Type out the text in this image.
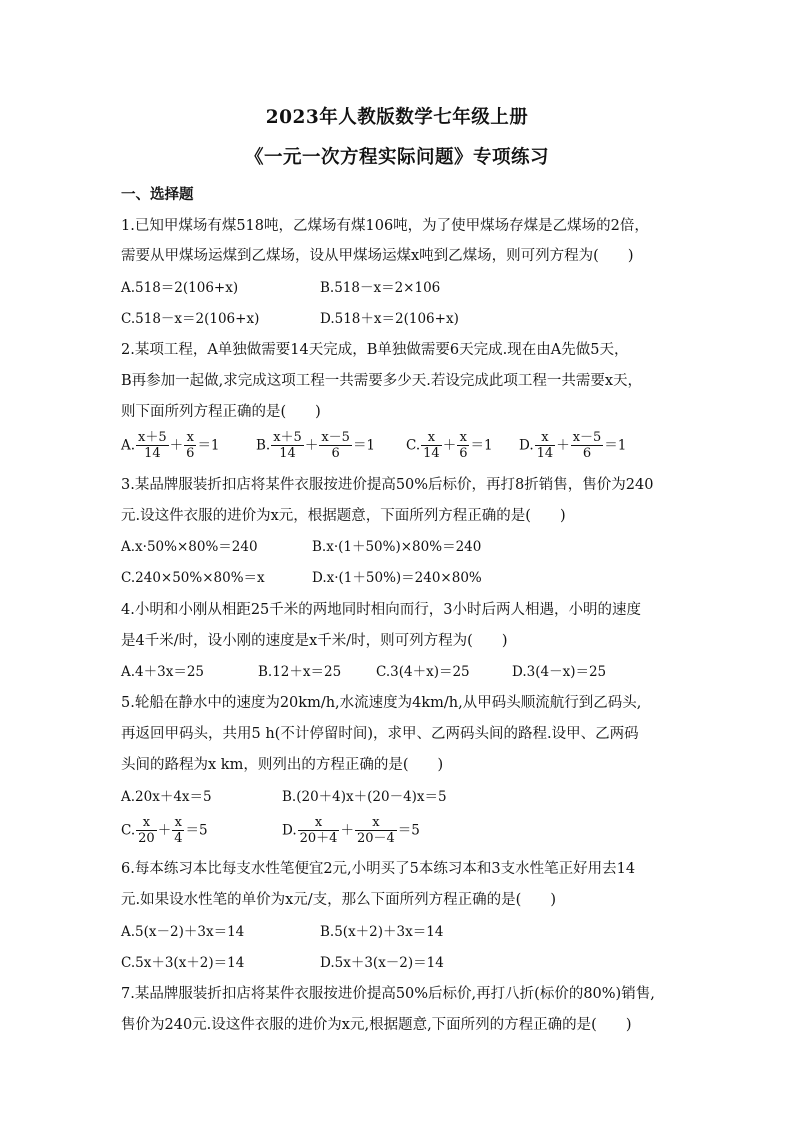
2023年人教版数学七年级上册
《一元一次方程实际问题》专项练习
一、选择题
1.已知甲煤场有煤518吨，乙煤场有煤106吨，为了使甲煤场存煤是乙煤场的2倍，
需要从甲煤场运煤到乙煤场，设从甲煤场运煤x吨到乙煤场，则可列方程为(　　)
A.518＝2(106+x)	B.518－x＝2×106
C.518－x＝2(106+x)	D.518＋x＝2(106+x)
2.某项工程，A单独做需要14天完成，B单独做需要6天完成.现在由A先做5天，
B再参加一起做,求完成这项工程一共需要多少天.若设完成此项工程一共需要x天，
则下面所列方程正确的是(　　)
A. $\frac{x+5}{14} + \frac{x}{6} =1$	B. $\frac{x+5}{14} + \frac{x-5}{6} =1$ C. $\frac{x}{14} + \frac{x}{6} =1$ D. $\frac{x}{14} + \frac{x-5}{6} =1$
3.某品牌服装折扣店将某件衣服按进价提高50%后标价，再打8折销售，售价为240
元.设这件衣服的进价为x元，根据题意，下面所列方程正确的是(　　)
A.x·50%×80%＝240	B.x·(1＋50%)×80%＝240
C.240×50%×80%＝x	D.x·(1＋50%)＝240×80%
4.小明和小刚从相距25千米的两地同时相向而行，3小时后两人相遇，小明的速度
是4千米/时，设小刚的速度是x千米/时，则可列方程为(　　)
A.4＋3x＝25	B.12＋x＝25	C.3(4＋x)＝25	D.3(4－x)＝25
5.轮船在静水中的速度为20km/h,水流速度为4km/h,从甲码头顺流航行到乙码头,
再返回甲码头，共用5 h(不计停留时间)，求甲、乙两码头间的路程.设甲、乙两码
头间的路程为x km，则列出的方程正确的是(　　)
A.20x＋4x＝5	B.(20＋4)x＋(20－4)x＝5
C. $\frac{x}{20} + \frac{x}{4} =5$	D. $\frac{x}{20+4} + \frac{x}{20-4} =5$
6.每本练习本比每支水性笔便宜2元,小明买了5本练习本和3支水性笔正好用去14
元.如果设水性笔的单价为x元/支，那么下面所列方程正确的是(　　)
A.5(x－2)＋3x＝14	B.5(x＋2)＋3x＝14
C.5x＋3(x＋2)＝14	D.5x＋3(x－2)＝14
7.某品牌服装折扣店将某件衣服按进价提高50%后标价,再打八折(标价的80%)销售,
售价为240元.设这件衣服的进价为x元,根据题意,下面所列的方程正确的是(　　)
